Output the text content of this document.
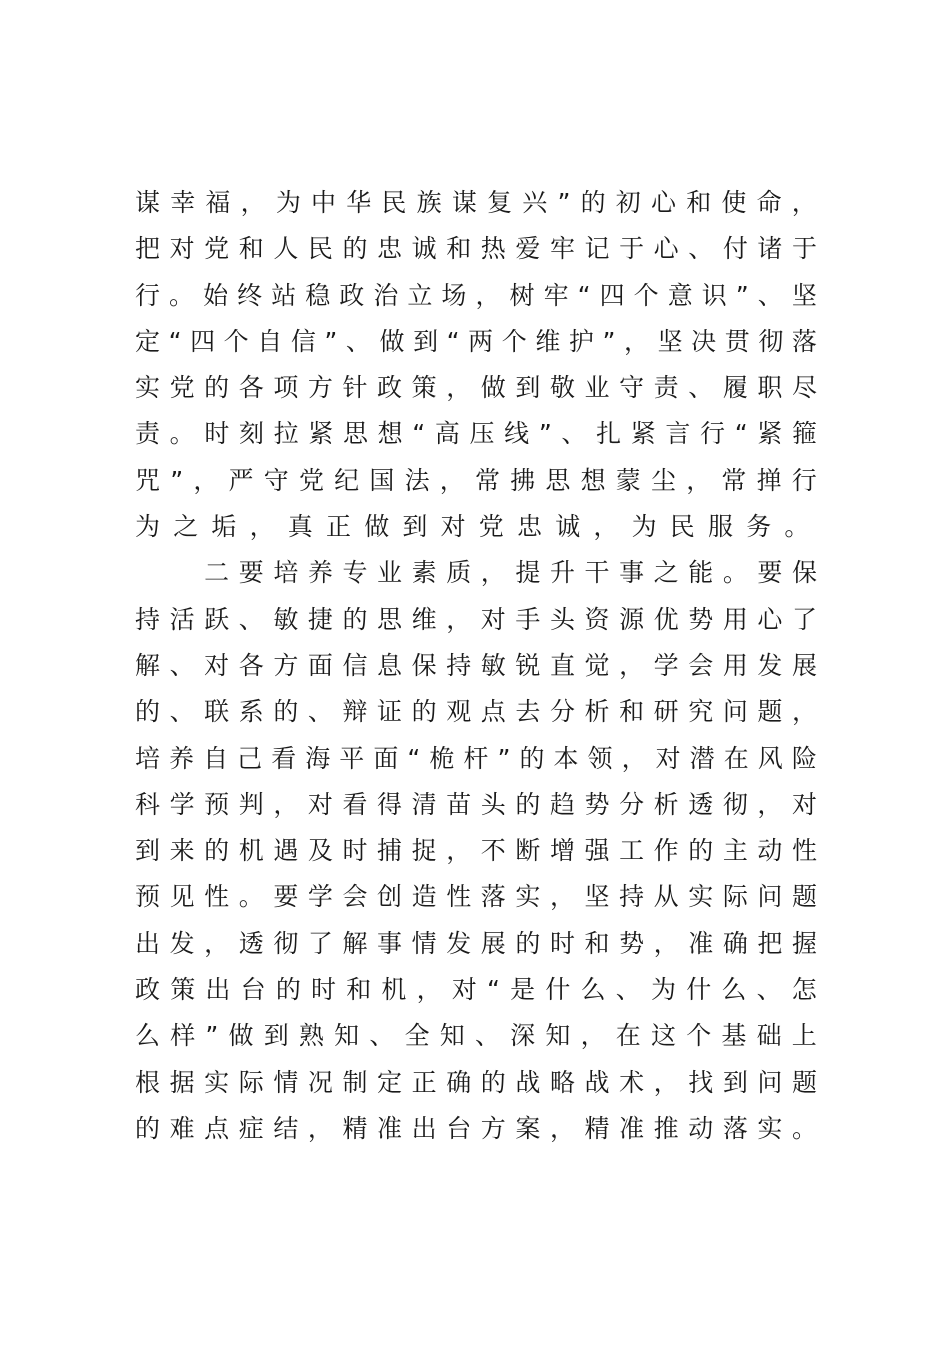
谋 幸 福 ， 为 中 华 民 族 谋 复 兴 ” 的 初 心 和 使 命 ，
把 对 党 和 人 民 的 忠 诚 和 热 爱 牢 记 于 心 、 付 诸 于
行 。 始 终 站 稳 政 治 立 场 ， 树 牢 “ 四 个 意 识 ” 、 坚
定 “ 四 个 自 信 ” 、 做 到 “ 两 个 维 护 ” ， 坚 决 贯 彻 落
实 党 的 各 项 方 针 政 策 ， 做 到 敬 业 守 责 、 履 职 尽
责 。 时 刻 拉 紧 思 想 “ 高 压 线 ” 、 扎 紧 言 行 “ 紧 箍
咒 ” ， 严 守 党 纪 国 法 ， 常 拂 思 想 蒙 尘 ， 常 掸 行
为之垢，真正做到对党忠诚，为民服务。

二 要 培 养 专 业 素 质 ， 提 升 干 事 之 能 。 要 保
持 活 跃 、 敏 捷 的 思 维 ， 对 手 头 资 源 优 势 用 心 了
解 、 对 各 方 面 信 息 保 持 敏 锐 直 觉 ， 学 会 用 发 展
的 、 联 系 的 、 辩 证 的 观 点 去 分 析 和 研 究 问 题 ，
培 养 自 己 看 海 平 面 “ 桅 杆 ” 的 本 领 ， 对 潜 在 风 险
科 学 预 判 ， 对 看 得 清 苗 头 的 趋 势 分 析 透 彻 ， 对
到 来 的 机 遇 及 时 捕 捉 ， 不 断 增 强 工 作 的 主 动 性
预 见 性 。 要 学 会 创 造 性 落 实 ， 坚 持 从 实 际 问 题
出 发 ， 透 彻 了 解 事 情 发 展 的 时 和 势 ， 准 确 把 握
政 策 出 台 的 时 和 机 ， 对 “ 是 什 么 、 为 什 么 、 怎
么 样 ” 做 到 熟 知 、 全 知 、 深 知 ， 在 这 个 基 础 上
根 据 实 际 情 况 制 定 正 确 的 战 略 战 术 ， 找 到 问 题
的 难 点 症 结 ， 精 准 出 台 方 案 ， 精 准 推 动 落 实 。
